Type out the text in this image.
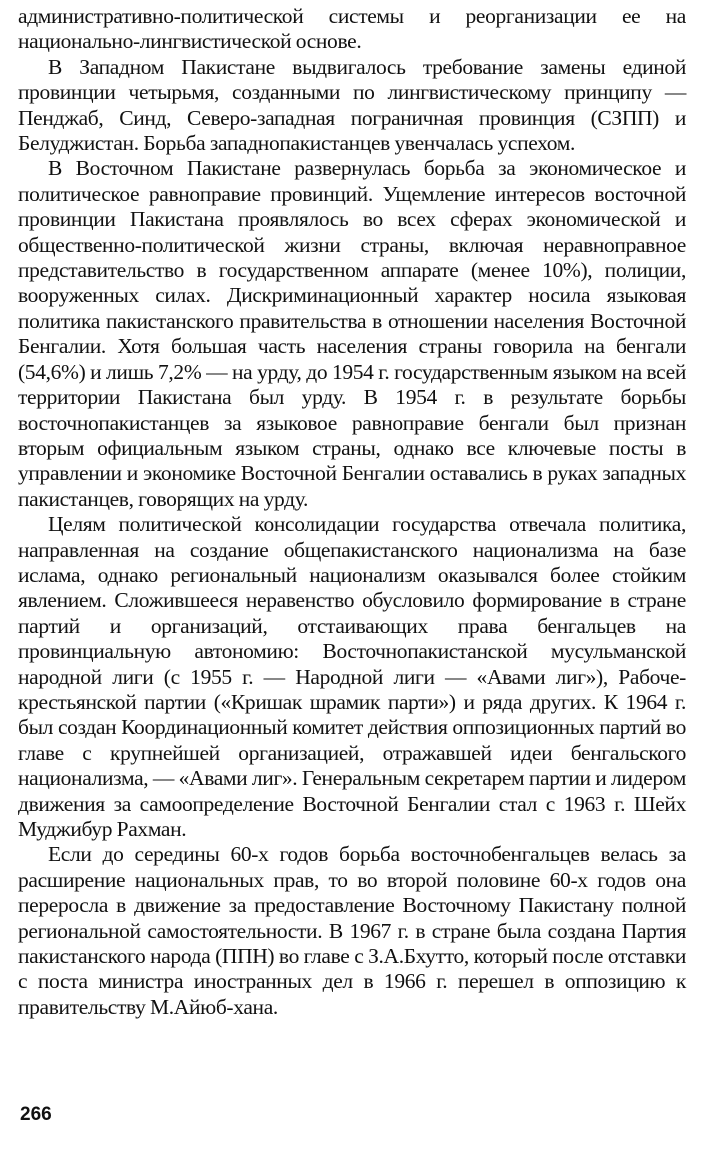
административно-политической системы и реорганизации ее на национально-лингвистической основе.

В Западном Пакистане выдвигалось требование замены единой провинции четырьмя, созданными по лингвистическому принципу — Пенджаб, Синд, Северо-западная пограничная провинция (СЗПП) и Белуджистан. Борьба западнопакистанцев увенчалась успехом.

В Восточном Пакистане развернулась борьба за экономическое и политическое равноправие провинций. Ущемление интересов восточной провинции Пакистана проявлялось во всех сферах экономической и общественно-политической жизни страны, включая неравноправное представительство в государственном аппарате (менее 10%), полиции, вооруженных силах. Дискриминационный характер носила языковая политика пакистанского правительства в отношении населения Восточной Бенгалии. Хотя большая часть населения страны говорила на бенгали (54,6%) и лишь 7,2% — на урду, до 1954 г. государственным языком на всей территории Пакистана был урду. В 1954 г. в результате борьбы восточнопакистанцев за языковое равноправие бенгали был признан вторым официальным языком страны, однако все ключевые посты в управлении и экономике Восточной Бенгалии оставались в руках западных пакистанцев, говорящих на урду.

Целям политической консолидации государства отвечала политика, направленная на создание общепакистанского национализма на базе ислама, однако региональный национализм оказывался более стойким явлением. Сложившееся неравенство обусловило формирование в стране партий и организаций, отстаивающих права бенгальцев на провинциальную автономию: Восточнопакистанской мусульманской народной лиги (с 1955 г. — Народной лиги — «Авами лиг»), Рабоче-крестьянской партии («Кришак шрамик парти») и ряда других. К 1964 г. был создан Координационный комитет действия оппозиционных партий во главе с крупнейшей организацией, отражавшей идеи бенгальского национализма, — «Авами лиг». Генеральным секретарем партии и лидером движения за самоопределение Восточной Бенгалии стал с 1963 г. Шейх Муджибур Рахман.

Если до середины 60-х годов борьба восточнобенгальцев велась за расширение национальных прав, то во второй половине 60-х годов она переросла в движение за предоставление Восточному Пакистану полной региональной самостоятельности. В 1967 г. в стране была создана Партия пакистанского народа (ППН) во главе с З.А.Бхутто, который после отставки с поста министра иностранных дел в 1966 г. перешел в оппозицию к правительству М.Айюб-хана.

266
